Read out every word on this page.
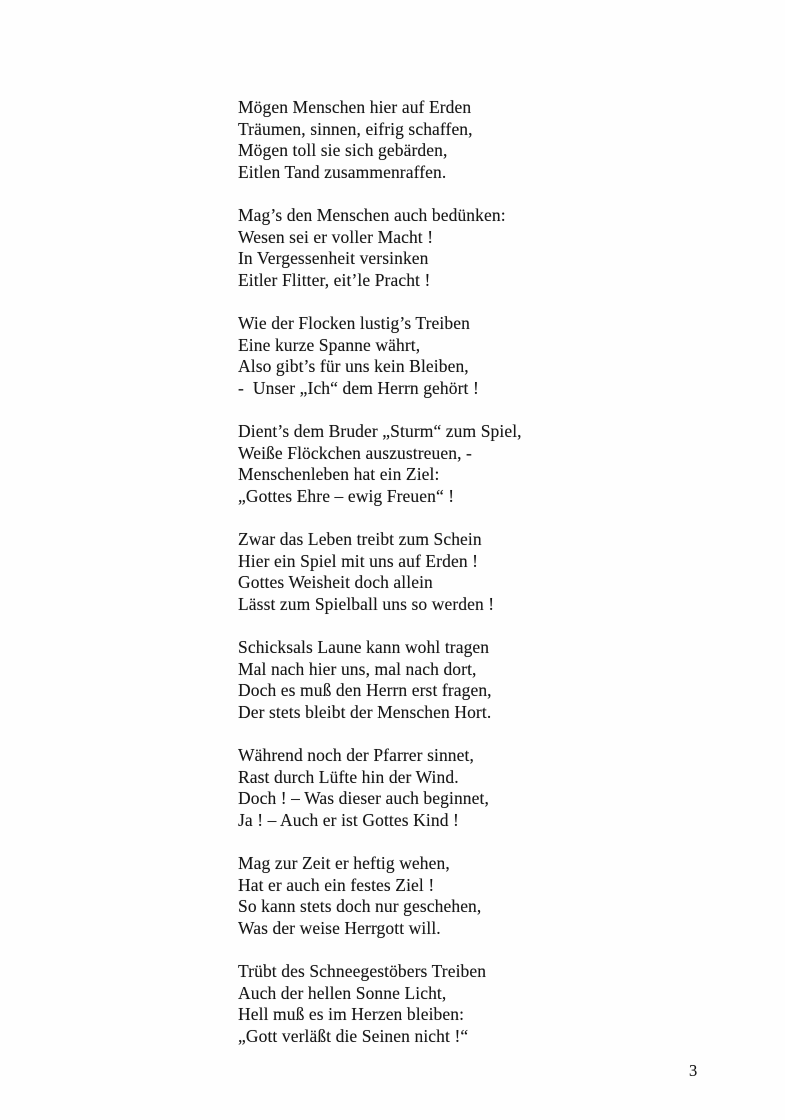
Mögen Menschen hier auf Erden
Träumen, sinnen, eifrig schaffen,
Mögen toll sie sich gebärden,
Eitlen Tand zusammenraffen.
Mag’s den Menschen auch bedünken:
Wesen sei er voller Macht !
In Vergessenheit versinken
Eitler Flitter, eit’le Pracht !
Wie der Flocken lustig’s Treiben
Eine kurze Spanne währt,
Also gibt’s für uns kein Bleiben,
-  Unser „Ich“ dem Herrn gehört !
Dient’s dem Bruder „Sturm“ zum Spiel,
Weiße Flöckchen auszustreuen, -
Menschenleben hat ein Ziel:
„Gottes Ehre – ewig Freuen“ !
Zwar das Leben treibt zum Schein
Hier ein Spiel mit uns auf Erden !
Gottes Weisheit doch allein
Lässt zum Spielball uns so werden !
Schicksals Laune kann wohl tragen
Mal nach hier uns, mal nach dort,
Doch es muß den Herrn erst fragen,
Der stets bleibt der Menschen Hort.
Während noch der Pfarrer sinnet,
Rast durch Lüfte hin der Wind.
Doch ! – Was dieser auch beginnet,
Ja ! – Auch er ist Gottes Kind !
Mag zur Zeit er heftig wehen,
Hat er auch ein festes Ziel !
So kann stets doch nur geschehen,
Was der weise Herrgott will.
Trübt des Schneegestöbers Treiben
Auch der hellen Sonne Licht,
Hell muß es im Herzen bleiben:
„Gott verläßt die Seinen nicht !“
3
